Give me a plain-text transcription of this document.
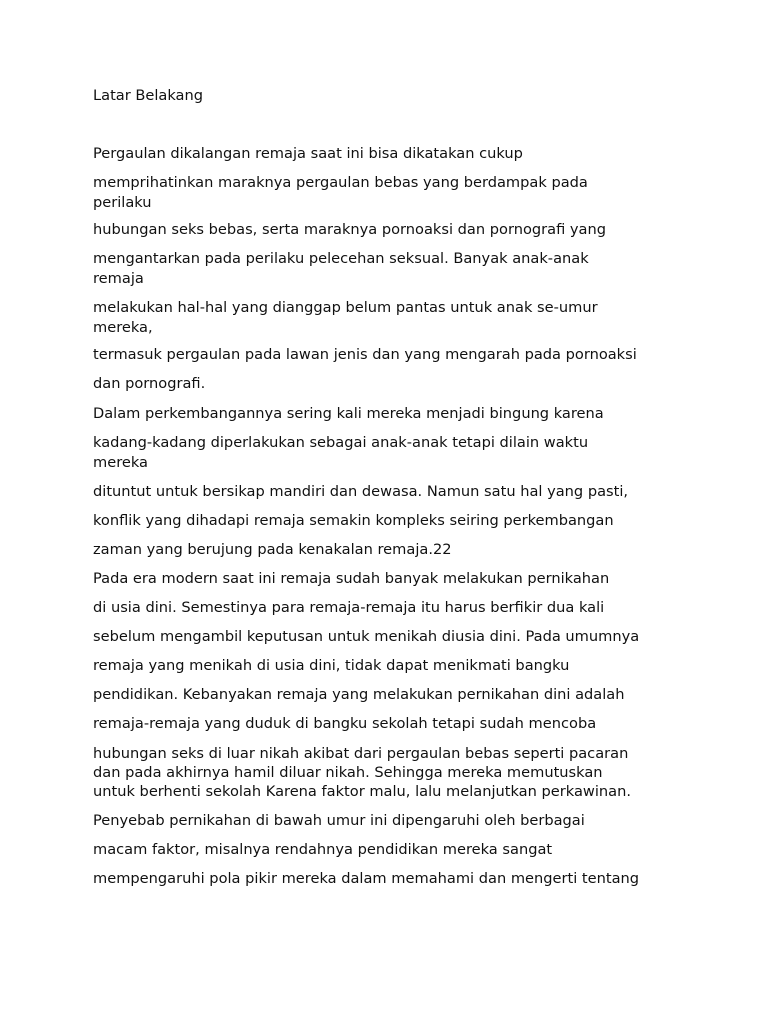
Latar Belakang
Pergaulan dikalangan remaja saat ini bisa dikatakan cukup
memprihatinkan maraknya pergaulan bebas yang berdampak pada
perilaku
hubungan seks bebas, serta maraknya pornoaksi dan pornografi yang
mengantarkan pada perilaku pelecehan seksual. Banyak anak-anak
remaja
melakukan hal-hal yang dianggap belum pantas untuk anak se-umur
mereka,
termasuk pergaulan pada lawan jenis dan yang mengarah pada pornoaksi
dan pornografi.
Dalam perkembangannya sering kali mereka menjadi bingung karena
kadang-kadang diperlakukan sebagai anak-anak tetapi dilain waktu
mereka
dituntut untuk bersikap mandiri dan dewasa. Namun satu hal yang pasti,
konflik yang dihadapi remaja semakin kompleks seiring perkembangan
zaman yang berujung pada kenakalan remaja.22
Pada era modern saat ini remaja sudah banyak melakukan pernikahan
di usia dini. Semestinya para remaja-remaja itu harus berfikir dua kali
sebelum mengambil keputusan untuk menikah diusia dini. Pada umumnya
remaja yang menikah di usia dini, tidak dapat menikmati bangku
pendidikan. Kebanyakan remaja yang melakukan pernikahan dini adalah
remaja-remaja yang duduk di bangku sekolah tetapi sudah mencoba
hubungan seks di luar nikah akibat dari pergaulan bebas seperti pacaran
dan pada akhirnya hamil diluar nikah. Sehingga mereka memutuskan
untuk berhenti sekolah Karena faktor malu, lalu melanjutkan perkawinan.
Penyebab pernikahan di bawah umur ini dipengaruhi oleh berbagai
macam faktor, misalnya rendahnya pendidikan mereka sangat
mempengaruhi pola pikir mereka dalam memahami dan mengerti tentang
